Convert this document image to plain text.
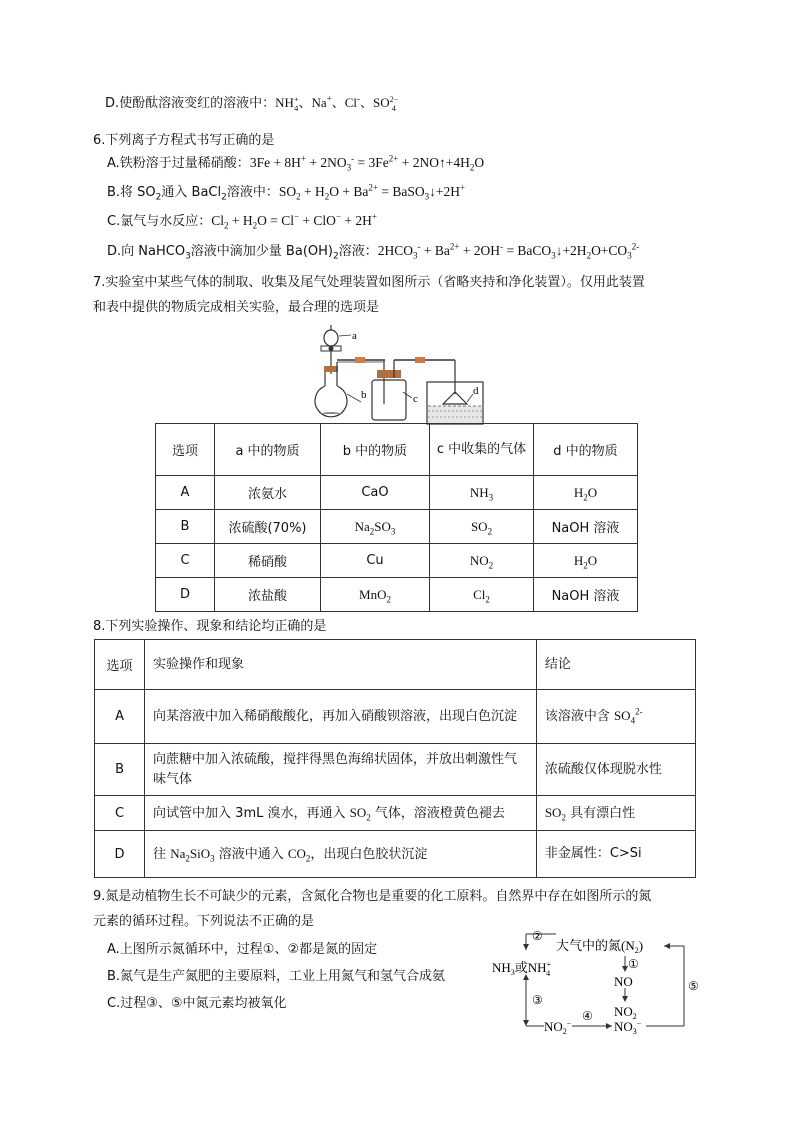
D.使酚酞溶液变红的溶液中：NH+
4、Na+、Cl-、SO2−
4
6.下列离子方程式书写正确的是
A.铁粉溶于过量稀硝酸：$3Fe + 8H^+ + 2NO_3^- = 3Fe^{2+}$ + $2NO↑+4H_2O$
B.将 $SO_2$通入 BaCl$_2$溶液中：$SO_2 + H_2O + Ba^{2+}$ = BaSO$_3$↓+2H+
C.氯气与水反应：$Cl_2 + H_2O = Cl^- + ClO^- + 2H^+$
D.向 NaHCO$_3$溶液中滴加少量 $Ba(OH)_2$溶液：$2HCO_3^- + Ba^{2+} + 2OH^-$ = $BaCO_3↓+2H_2O+CO_3^{2-}$
7.实验室中某些气体的制取、收集及尾气处理装置如图所示（省略夹持和净化装置）。仅用此装置
和表中提供的物质完成相关实验，最合理的选项是
a
b	c
d
选项	a 中的物质	b 中的物质	c 中收集的气体	d 中的物质
A	浓氨水	CaO	$NH_3$	$H_2O$
B	浓硫酸(70%)	$Na_2SO_3$	$SO_2$	NaOH 溶液
C	稀硝酸	Cu	$NO_2$	$H_2O$
D	浓盐酸	MnO$_2$	$Cl_2$	NaOH 溶液
8.下列实验操作、现象和结论均正确的是
选项	实验操作和现象	结论
A	向某溶液中加入稀硝酸酸化，再加入硝酸钡溶液，出现白色沉淀	该溶液中含 $SO_4^{2-}$
B	向蔗糖中加入浓硫酸，搅拌得黑色海绵状固体，并放出刺激性气味气体	浓硫酸仅体现脱水性
C	向试管中加入 3mL 溴水，再通入 $SO_2$ 气体，溶液橙黄色褪去	$SO_2$ 具有漂白性
D	往 $Na_2SiO_3$ 溶液中通入 $CO_2$，出现白色胶状沉淀	非金属性：C>Si
9.氮是动植物生长不可缺少的元素，含氮化合物也是重要的化工原料。自然界中存在如图所示的氮
元素的循环过程。下列说法不正确的是
A.上图所示氮循环中，过程①、②都是氮的固定
B.氮气是生产氮肥的主要原料，工业上用氮气和氢气合成氨
C.过程③、⑤中氮元素均被氧化
②
大气中的氮$(N_2)$
$NH_3$或NH+ 4
①
NO
$NO_2$
③
$NO_2^-$
④
$NO_3^-$
⑤
